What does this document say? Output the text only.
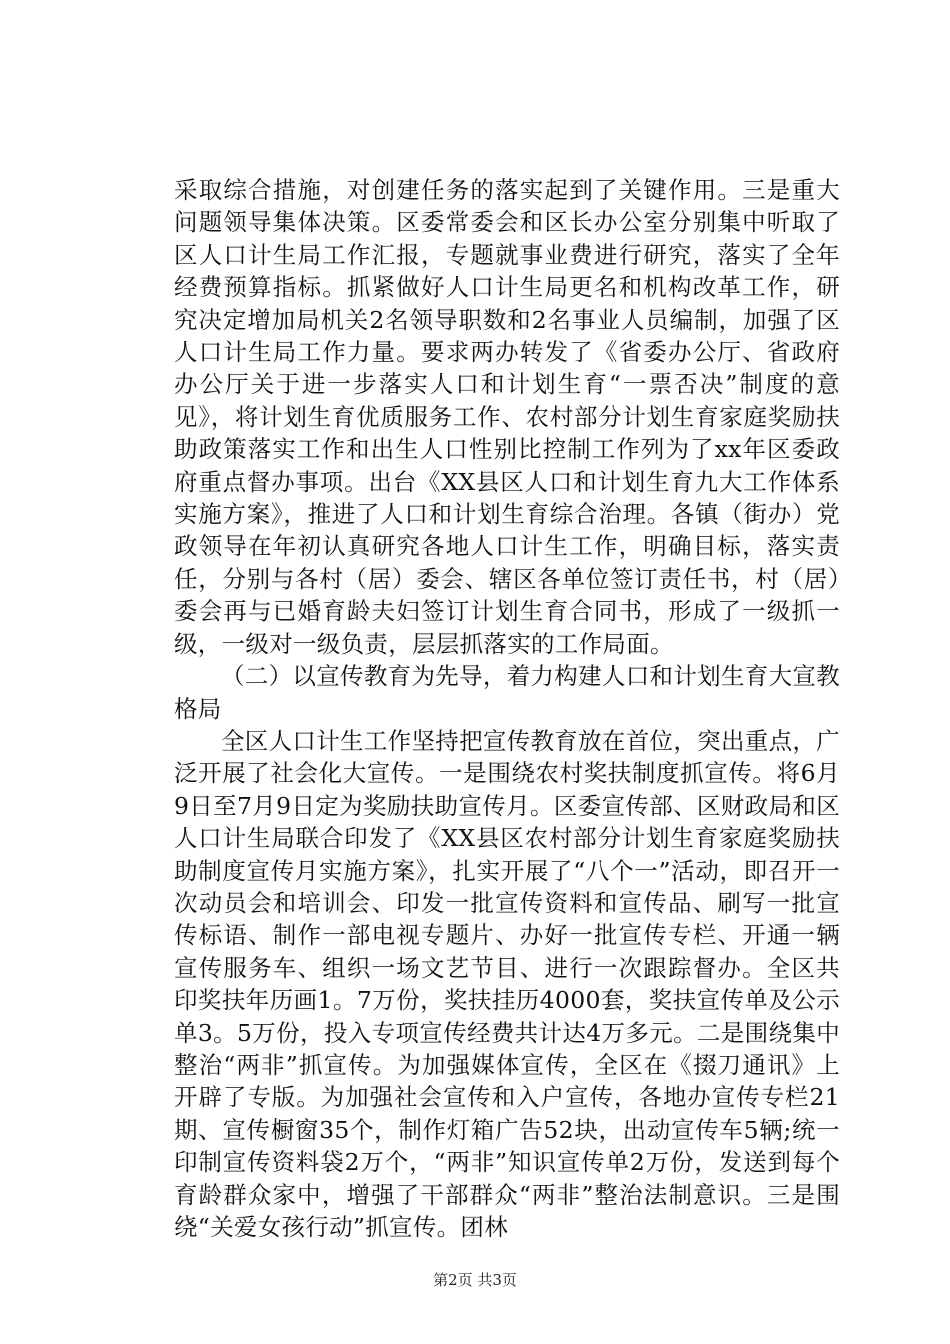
采取综合措施，对创建任务的落实起到了关键作用。三是重大问题领导集体决策。区委常委会和区长办公室分别集中听取了区人口计生局工作汇报，专题就事业费进行研究，落实了全年经费预算指标。抓紧做好人口计生局更名和机构改革工作，研究决定增加局机关2名领导职数和2名事业人员编制，加强了区人口计生局工作力量。要求两办转发了《省委办公厅、省政府办公厅关于进一步落实人口和计划生育“一票否决”制度的意见》，将计划生育优质服务工作、农村部分计划生育家庭奖励扶助政策落实工作和出生人口性别比控制工作列为了xx年区委政府重点督办事项。出台《XX县区人口和计划生育九大工作体系实施方案》，推进了人口和计划生育综合治理。各镇（街办）党政领导在年初认真研究各地人口计生工作，明确目标，落实责任，分别与各村（居）委会、辖区各单位签订责任书，村（居）委会再与已婚育龄夫妇签订计划生育合同书，形成了一级抓一级，一级对一级负责，层层抓落实的工作局面。

（二）以宣传教育为先导，着力构建人口和计划生育大宣教格局

全区人口计生工作坚持把宣传教育放在首位，突出重点，广泛开展了社会化大宣传。一是围绕农村奖扶制度抓宣传。将6月9日至7月9日定为奖励扶助宣传月。区委宣传部、区财政局和区人口计生局联合印发了《XX县区农村部分计划生育家庭奖励扶助制度宣传月实施方案》，扎实开展了“八个一”活动，即召开一次动员会和培训会、印发一批宣传资料和宣传品、刷写一批宣传标语、制作一部电视专题片、办好一批宣传专栏、开通一辆宣传服务车、组织一场文艺节目、进行一次跟踪督办。全区共印奖扶年历画1。7万份，奖扶挂历4000套，奖扶宣传单及公示单3。5万份，投入专项宣传经费共计达4万多元。二是围绕集中整治“两非”抓宣传。为加强媒体宣传，全区在《掇刀通讯》上开辟了专版。为加强社会宣传和入户宣传，各地办宣传专栏21期、宣传橱窗35个，制作灯箱广告52块，出动宣传车5辆;统一印制宣传资料袋2万个，“两非”知识宣传单2万份，发送到每个育龄群众家中，增强了干部群众“两非”整治法制意识。三是围绕“关爱女孩行动”抓宣传。团林

第2页 共3页
